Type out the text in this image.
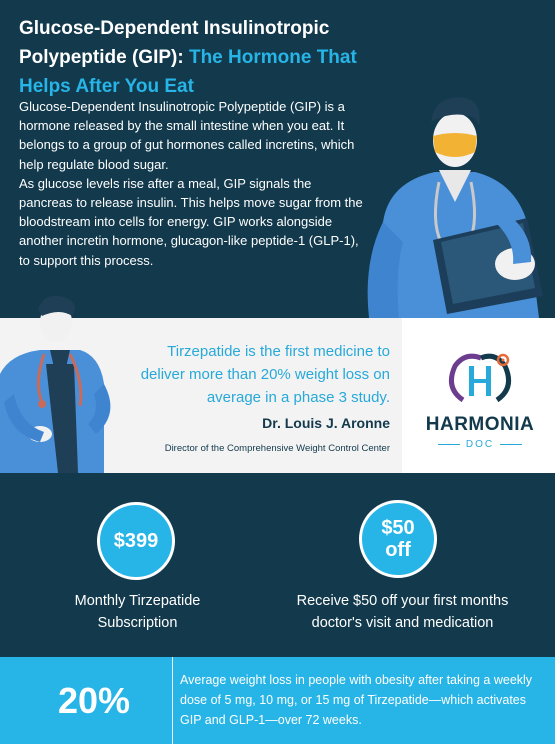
Glucose-Dependent Insulinotropic Polypeptide (GIP): The Hormone That Helps After You Eat

Glucose-Dependent Insulinotropic Polypeptide (GIP) is a hormone released by the small intestine when you eat. It belongs to a group of gut hormones called incretins, which help regulate blood sugar.

As glucose levels rise after a meal, GIP signals the pancreas to release insulin. This helps move sugar from the bloodstream into cells for energy. GIP works alongside another incretin hormone, glucagon-like peptide-1 (GLP-1), to support this process.

Tirzepatide is the first medicine to deliver more than 20% weight loss on average in a phase 3 study.

Dr. Louis J. Aronne

Director of the Comprehensive Weight Control Center

HARMONIA
DOC
$399
Monthly Tirzepatide Subscription
$50
off
Receive $50 off your first months doctor's visit and medication
20%	Average weight loss in people with obesity after taking a weekly dose of 5 mg, 10 mg, or 15 mg of Tirzepatide—which activates GIP and GLP-1—over 72 weeks.
